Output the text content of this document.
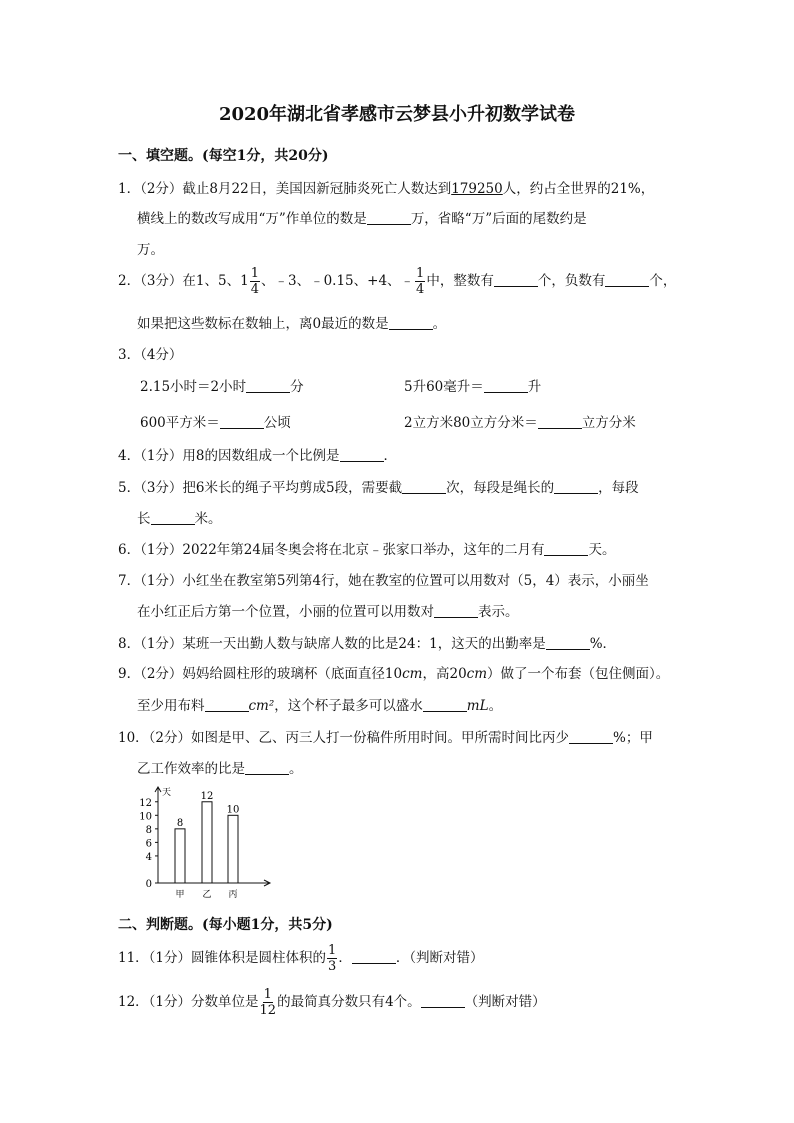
2020年湖北省孝感市云梦县小升初数学试卷
一、填空题。(每空1分，共20分)
1．（2分）截止8月22日，美国因新冠肺炎死亡人数达到179250人，约占全世界的21%，
横线上的数改写成用“万”作单位的数是	万，省略“万”后面的尾数约是
万。
2．（3分）在1、5、$1 \frac{1}{4}$ 、﹣3、﹣0.15、+4、﹣ $\frac{1}{4}$ 中，整数有	个，负数有	个，
如果把这些数标在数轴上，离0最近的数是	。
3．（4分）
2.15小时＝2小时	分	5升60毫升＝	升
600平方米＝	公顷	2立方米80立方分米＝	立方分米
4．（1分）用8的因数组成一个比例是	．
5．（3分）把6米长的绳子平均剪成5段，需要截	次，每段是绳长的	，每段
长	米。
6．（1分）2022年第24届冬奥会将在北京﹣张家口举办，这年的二月有	天。
7．（1分）小红坐在教室第5列第4行，她在教室的位置可以用数对（5，4）表示，小丽坐
在小红正后方第一个位置，小丽的位置可以用数对	表示。
8．（1分）某班一天出勤人数与缺席人数的比是24：1，这天的出勤率是	%．
9．（2分）妈妈给圆柱形的玻璃杯（底面直径10cm，高20cm）做了一个布套（包住侧面）。
至少用布料	cm²，这个杯子最多可以盛水	mL。
10．（2分）如图是甲、乙、丙三人打一份稿件所用时间。甲所需时间比丙少	%；甲
乙工作效率的比是	。
天
0
4
6
8
10
12
8
甲
12
乙
10
丙
二、判断题。(每小题1分，共5分)
11．（1分）圆锥体积是圆柱体积的 $\frac{1}{3}$ ．	．（判断对错）
12．（1分）分数单位是 $\frac{1}{12}$ 的最简真分数只有4个。	（判断对错）
